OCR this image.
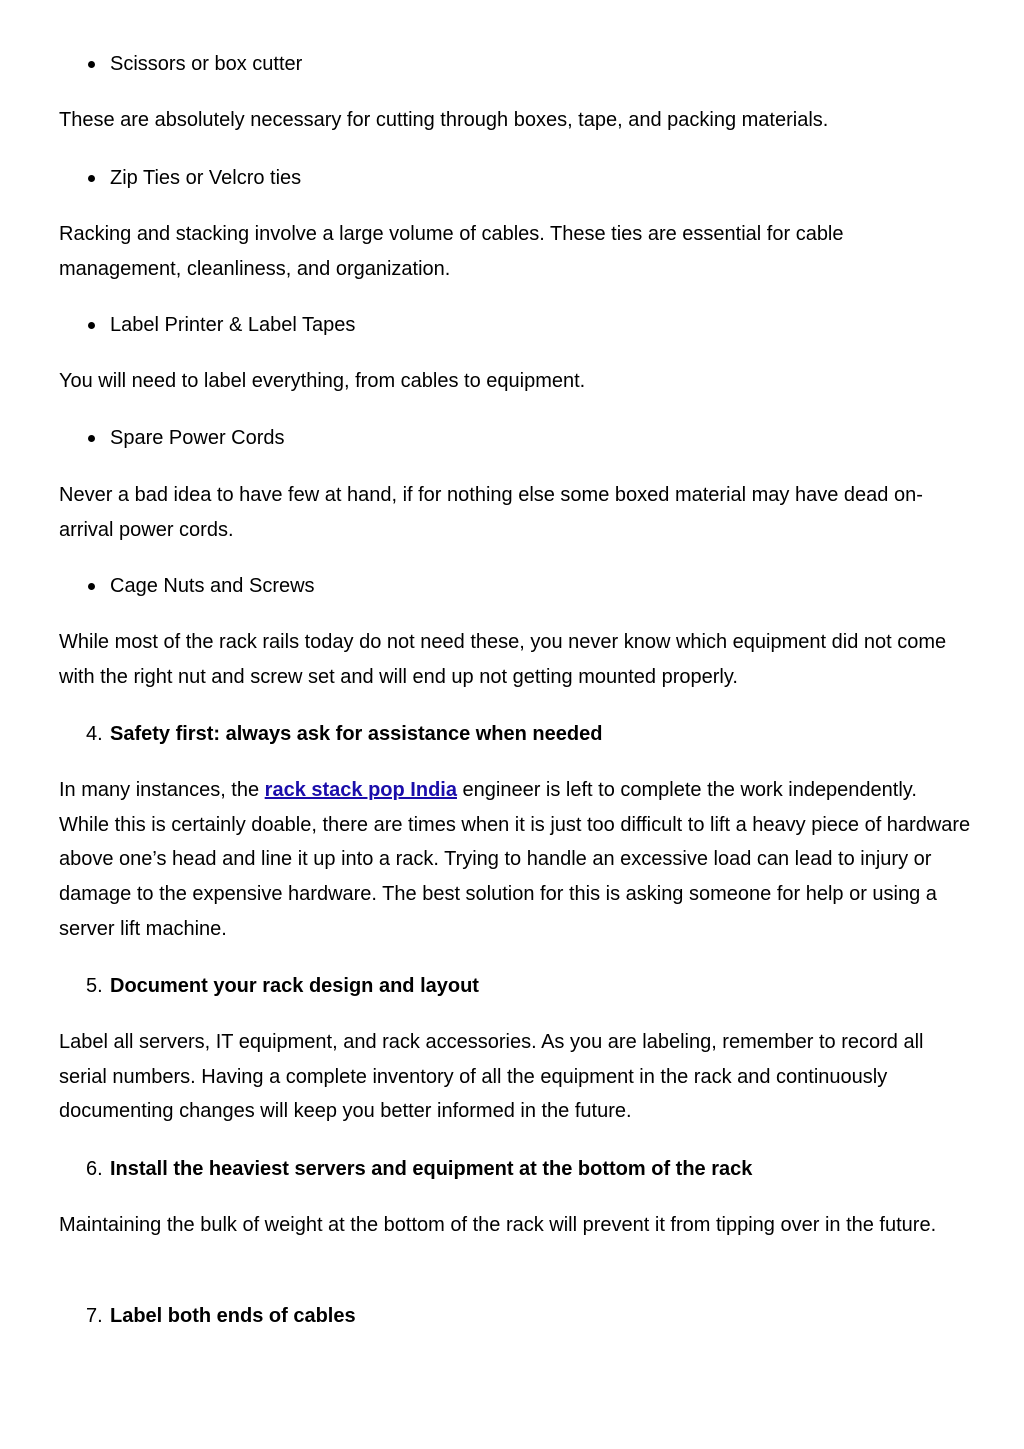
Scissors or box cutter

These are absolutely necessary for cutting through boxes, tape, and packing materials.

Zip Ties or Velcro ties

Racking and stacking involve a large volume of cables. These ties are essential for cable management, cleanliness, and organization.

Label Printer & Label Tapes

You will need to label everything, from cables to equipment.

Spare Power Cords

Never a bad idea to have few at hand, if for nothing else some boxed material may have dead on-arrival power cords.

Cage Nuts and Screws

While most of the rack rails today do not need these, you never know which equipment did not come with the right nut and screw set and will end up not getting mounted properly.

4. Safety first: always ask for assistance when needed

In many instances, the rack stack pop India engineer is left to complete the work independently. While this is certainly doable, there are times when it is just too difficult to lift a heavy piece of hardware above one’s head and line it up into a rack. Trying to handle an excessive load can lead to injury or damage to the expensive hardware. The best solution for this is asking someone for help or using a server lift machine.

5. Document your rack design and layout

Label all servers, IT equipment, and rack accessories. As you are labeling, remember to record all serial numbers. Having a complete inventory of all the equipment in the rack and continuously documenting changes will keep you better informed in the future.

6. Install the heaviest servers and equipment at the bottom of the rack

Maintaining the bulk of weight at the bottom of the rack will prevent it from tipping over in the future.

7. Label both ends of cables
